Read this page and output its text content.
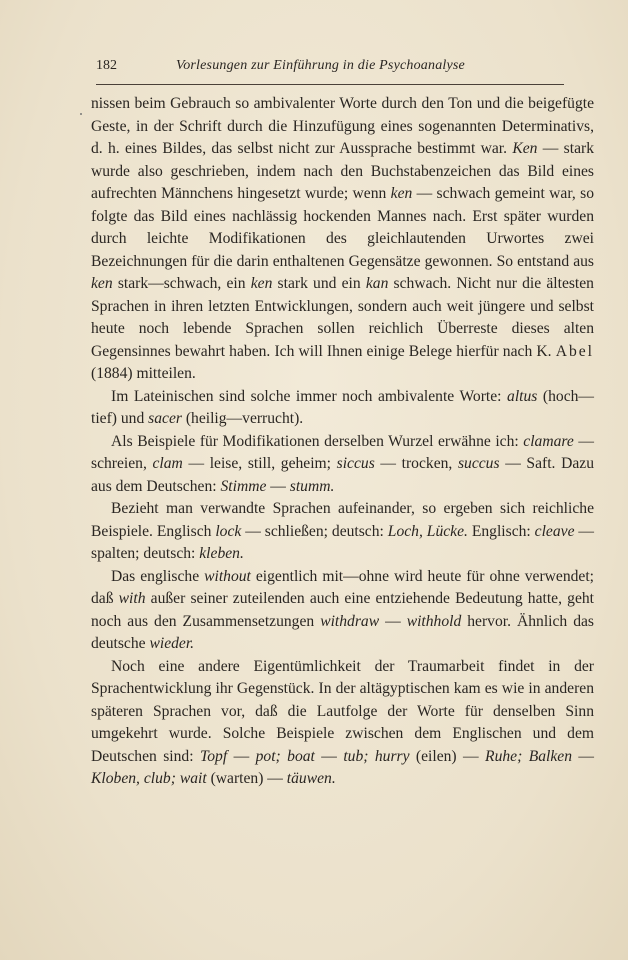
182	Vorlesungen zur Einführung in die Psychoanalyse

nissen beim Gebrauch so ambivalenter Worte durch den Ton und die beigefügte Geste, in der Schrift durch die Hinzufügung eines sogenannten Determinativs, d. h. eines Bildes, das selbst nicht zur Aussprache bestimmt war. Ken — stark wurde also geschrieben, indem nach den Buchstabenzeichen das Bild eines aufrechten Männchens hingesetzt wurde; wenn ken — schwach gemeint war, so folgte das Bild eines nachlässig hockenden Mannes nach. Erst später wurden durch leichte Modifikationen des gleichlautenden Urwortes zwei Bezeichnungen für die darin enthaltenen Gegensätze gewonnen. So entstand aus ken stark—schwach, ein ken stark und ein kan schwach. Nicht nur die ältesten Sprachen in ihren letzten Entwicklungen, sondern auch weit jüngere und selbst heute noch lebende Sprachen sollen reichlich Überreste dieses alten Gegensinnes bewahrt haben. Ich will Ihnen einige Belege hierfür nach K. Abel (1884) mitteilen.

Im Lateinischen sind solche immer noch ambivalente Worte: altus (hoch—tief) und sacer (heilig—verrucht).

Als Beispiele für Modifikationen derselben Wurzel erwähne ich: clamare — schreien, clam — leise, still, geheim; siccus — trocken, succus — Saft. Dazu aus dem Deutschen: Stimme — stumm.

Bezieht man verwandte Sprachen aufeinander, so ergeben sich reichliche Beispiele. Englisch lock — schließen; deutsch: Loch, Lücke. Englisch: cleave — spalten; deutsch: kleben.

Das englische without eigentlich mit—ohne wird heute für ohne verwendet; daß with außer seiner zuteilenden auch eine entziehende Bedeutung hatte, geht noch aus den Zusammensetzungen withdraw — withhold hervor. Ähnlich das deutsche wieder.

Noch eine andere Eigentümlichkeit der Traumarbeit findet in der Sprachentwicklung ihr Gegenstück. In der altägyptischen kam es wie in anderen späteren Sprachen vor, daß die Lautfolge der Worte für denselben Sinn umgekehrt wurde. Solche Beispiele zwischen dem Englischen und dem Deutschen sind: Topf — pot; boat — tub; hurry (eilen) — Ruhe; Balken — Kloben, club; wait (warten) — täuwen.
